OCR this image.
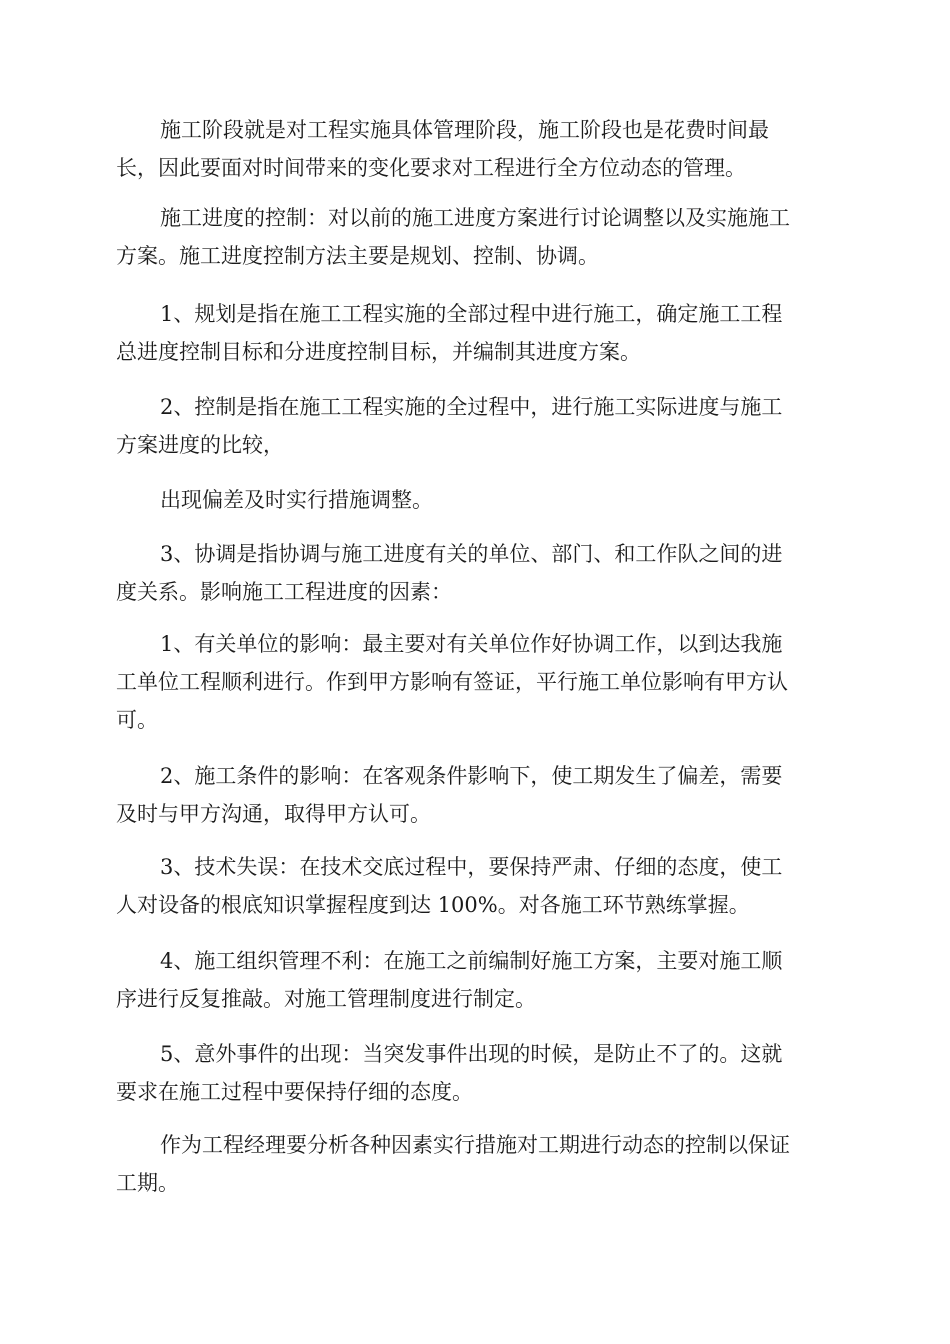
施工阶段就是对工程实施具体管理阶段，施工阶段也是花费时间最
长，因此要面对时间带来的变化要求对工程进行全方位动态的管理。

施工进度的控制：对以前的施工进度方案进行讨论调整以及实施施工
方案。施工进度控制方法主要是规划、控制、协调。

1、规划是指在施工工程实施的全部过程中进行施工，确定施工工程
总进度控制目标和分进度控制目标，并编制其进度方案。

2、控制是指在施工工程实施的全过程中，进行施工实际进度与施工
方案进度的比较，

出现偏差及时实行措施调整。

3、协调是指协调与施工进度有关的单位、部门、和工作队之间的进
度关系。影响施工工程进度的因素：

1、有关单位的影响：最主要对有关单位作好协调工作，以到达我施
工单位工程顺利进行。作到甲方影响有签证，平行施工单位影响有甲方认
可。

2、施工条件的影响：在客观条件影响下，使工期发生了偏差，需要
及时与甲方沟通，取得甲方认可。

3、技术失误：在技术交底过程中，要保持严肃、仔细的态度，使工
人对设备的根底知识掌握程度到达 100%。对各施工环节熟练掌握。

4、施工组织管理不利：在施工之前编制好施工方案，主要对施工顺
序进行反复推敲。对施工管理制度进行制定。

5、意外事件的出现：当突发事件出现的时候，是防止不了的。这就
要求在施工过程中要保持仔细的态度。

作为工程经理要分析各种因素实行措施对工期进行动态的控制以保证
工期。
